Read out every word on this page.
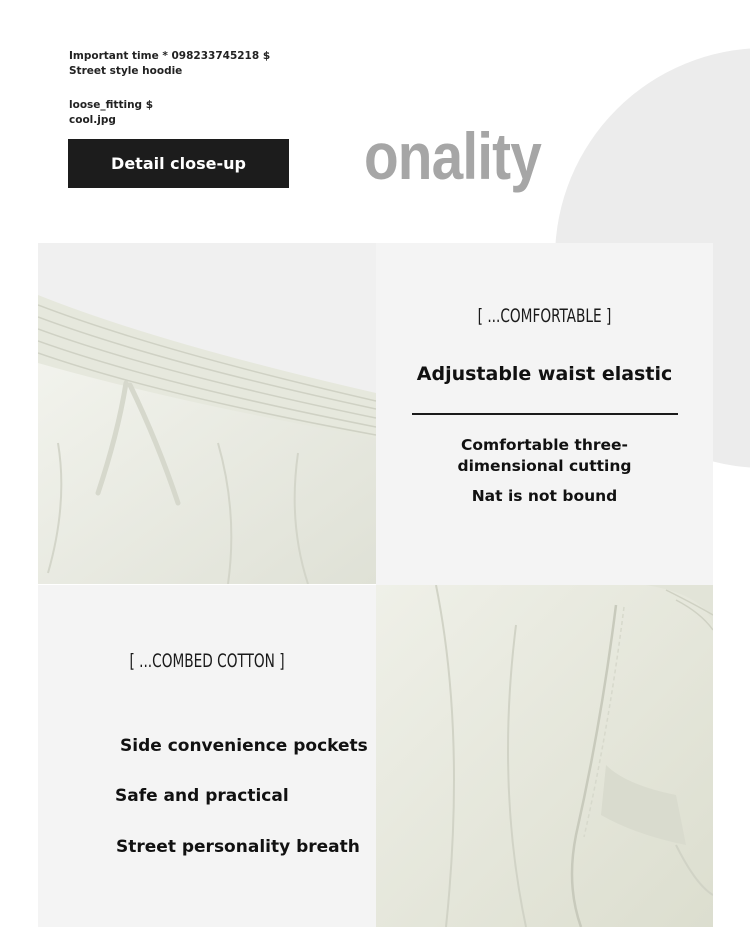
Important time * 098233745218 $
Street style hoodie
loose_fitting $
cool.jpg
Detail close-up	onality
[ ...COMFORTABLE ]
Adjustable waist elastic
Comfortable three-
dimensional cutting
Nat is not bound
[ ...COMBED COTTON ]
Side convenience pockets
Safe and practical
Street personality breath
